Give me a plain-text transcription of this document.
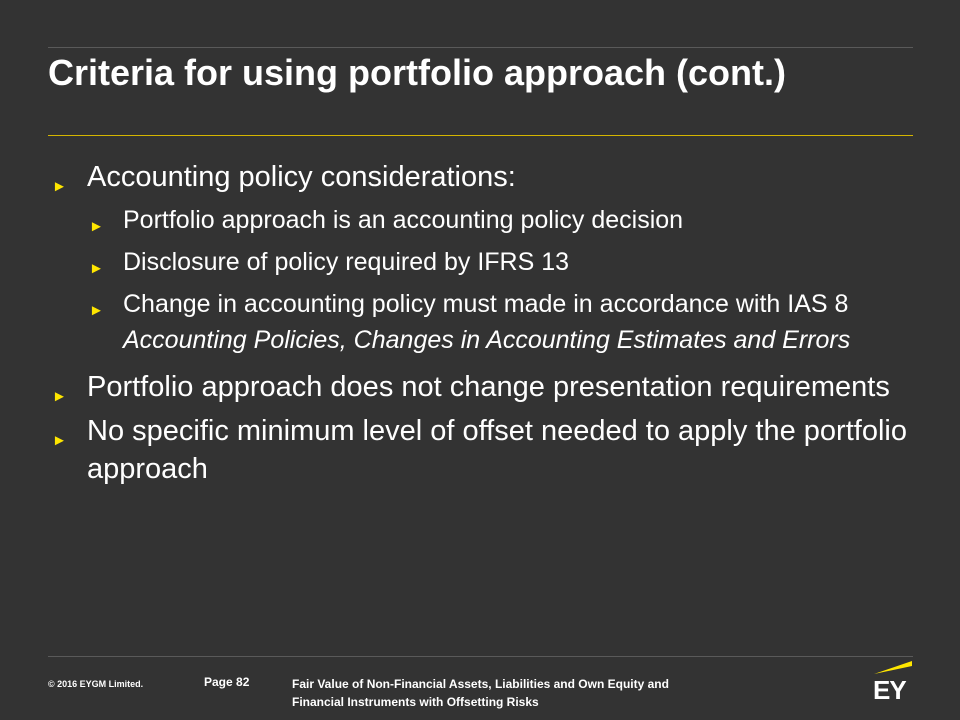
Criteria for using portfolio approach (cont.)
► Accounting policy considerations:
► Portfolio approach is an accounting policy decision
► Disclosure of policy required by IFRS 13
► Change in accounting policy must made in accordance with IAS 8 Accounting Policies, Changes in Accounting Estimates and Errors
► Portfolio approach does not change presentation requirements
► No specific minimum level of offset needed to apply the portfolio approach
© 2016 EYGM Limited.	Page 82	Fair Value of Non-Financial Assets, Liabilities and Own Equity and Financial Instruments with Offsetting Risks	EY
